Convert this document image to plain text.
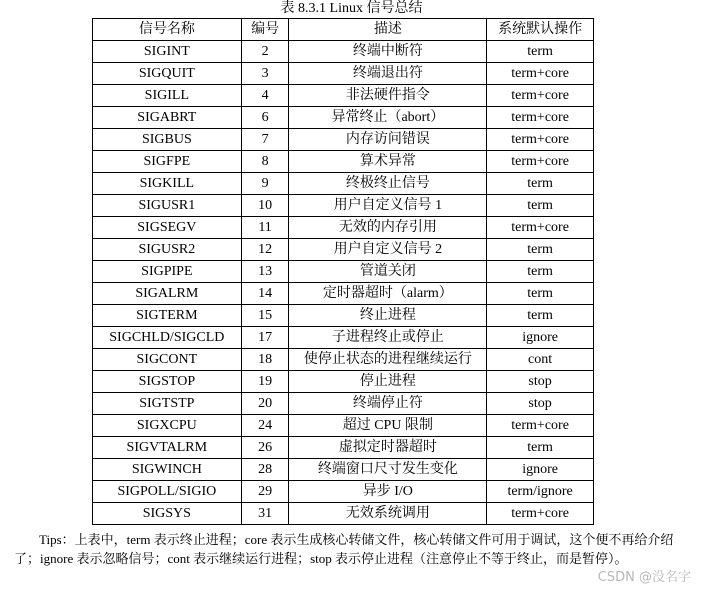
表 8.3.1 Linux 信号总结
信号名称	编号	描述	系统默认操作
SIGINT	2	终端中断符	term
SIGQUIT	3	终端退出符	term+core
SIGILL	4	非法硬件指令	term+core
SIGABRT	6	异常终止（abort）	term+core
SIGBUS	7	内存访问错误	term+core
SIGFPE	8	算术异常	term+core
SIGKILL	9	终极终止信号	term
SIGUSR1	10	用户自定义信号 1	term
SIGSEGV	11	无效的内存引用	term+core
SIGUSR2	12	用户自定义信号 2	term
SIGPIPE	13	管道关闭	term
SIGALRM	14	定时器超时（alarm）	term
SIGTERM	15	终止进程	term
SIGCHLD/SIGCLD	17	子进程终止或停止	ignore
SIGCONT	18	使停止状态的进程继续运行	cont
SIGSTOP	19	停止进程	stop
SIGTSTP	20	终端停止符	stop
SIGXCPU	24	超过 CPU 限制	term+core
SIGVTALRM	26	虚拟定时器超时	term
SIGWINCH	28	终端窗口尺寸发生变化	ignore
SIGPOLL/SIGIO	29	异步 I/O	term/ignore
SIGSYS	31	无效系统调用	term+core

Tips：上表中，term 表示终止进程；core 表示生成核心转储文件，核心转储文件可用于调试，这个便不再给介绍了；ignore 表示忽略信号；cont 表示继续运行进程；stop 表示停止进程（注意停止不等于终止，而是暂停）。

CSDN @没名字
